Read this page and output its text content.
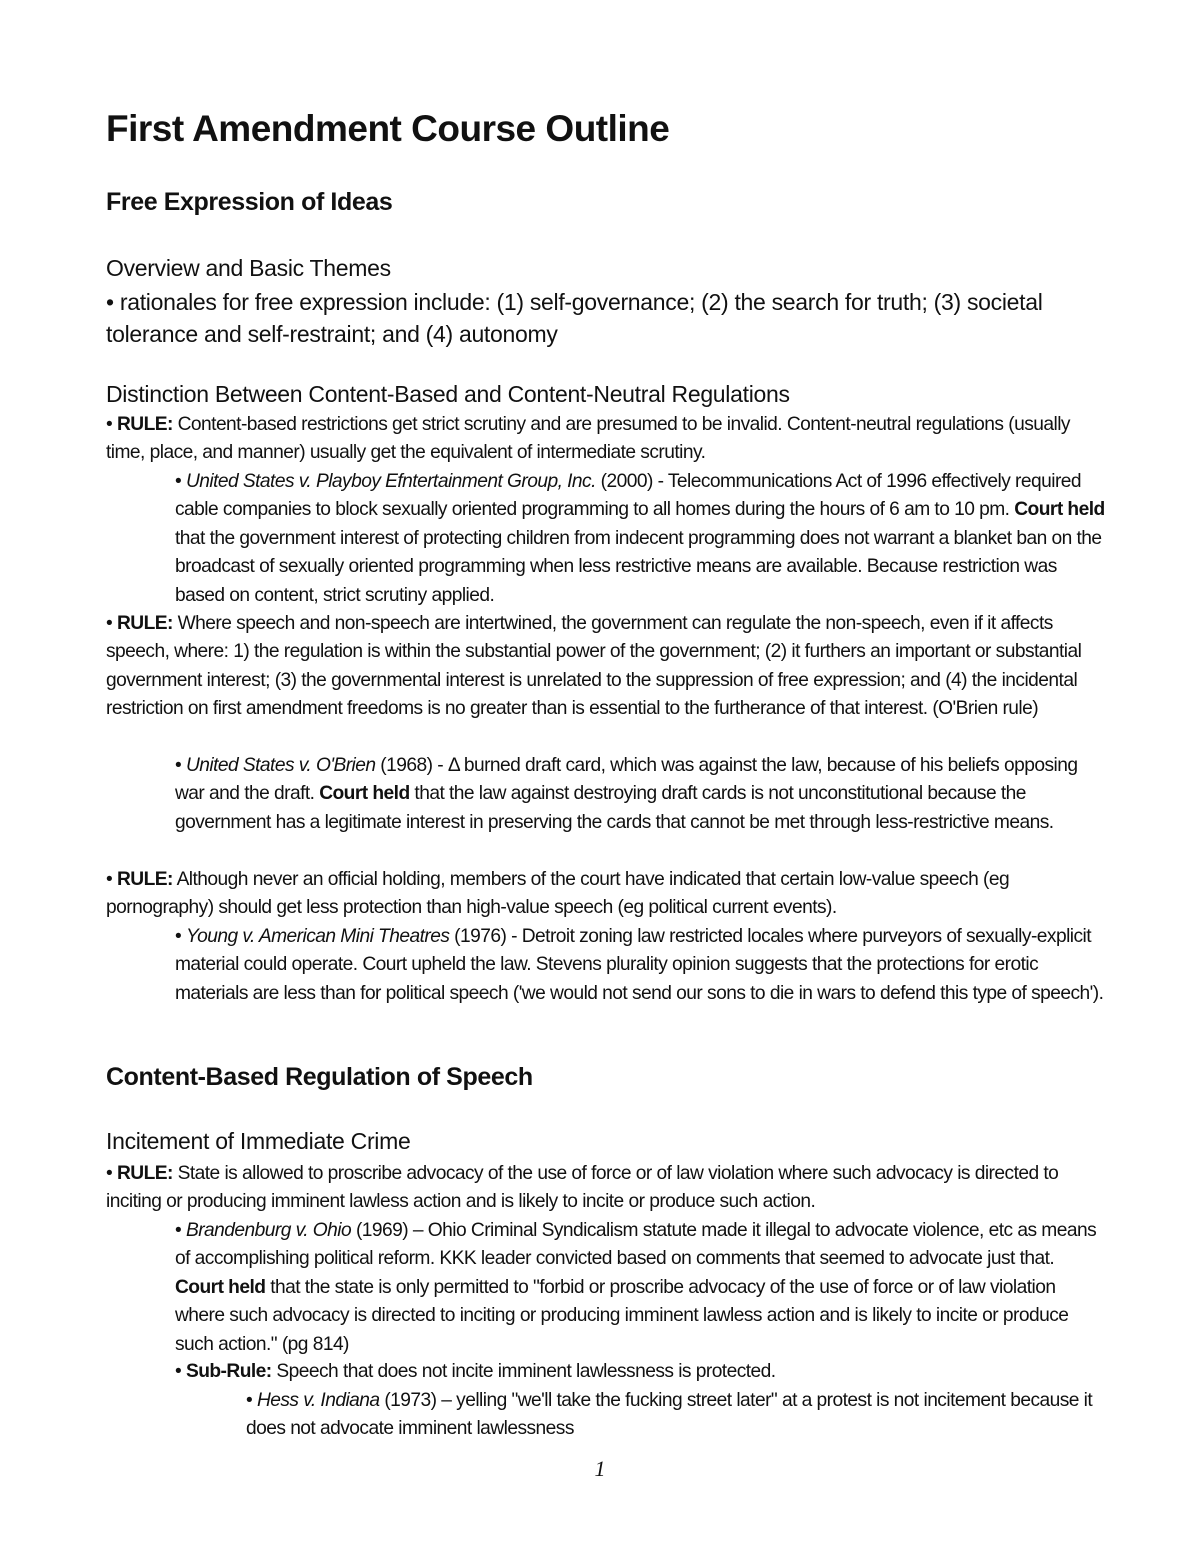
First Amendment Course Outline
Free Expression of Ideas
Overview and Basic Themes

• rationales for free expression include: (1) self-governance; (2) the search for truth; (3) societal tolerance and self-restraint; and (4) autonomy

Distinction Between Content-Based and Content-Neutral Regulations

• RULE: Content-based restrictions get strict scrutiny and are presumed to be invalid. Content-neutral regulations (usually time, place, and manner) usually get the equivalent of intermediate scrutiny.

• United States v. Playboy Efntertainment Group, Inc. (2000) - Telecommunications Act of 1996 effectively required cable companies to block sexually oriented programming to all homes during the hours of 6 am to 10 pm. Court held that the government interest of protecting children from indecent programming does not warrant a blanket ban on the broadcast of sexually oriented programming when less restrictive means are available. Because restriction was based on content, strict scrutiny applied.

• RULE: Where speech and non-speech are intertwined, the government can regulate the non-speech, even if it affects speech, where: 1) the regulation is within the substantial power of the government; (2) it furthers an important or substantial government interest; (3) the governmental interest is unrelated to the suppression of free expression; and (4) the incidental restriction on first amendment freedoms is no greater than is essential to the furtherance of that interest. (O'Brien rule)

• United States v. O'Brien (1968) - Δ burned draft card, which was against the law, because of his beliefs opposing war and the draft. Court held that the law against destroying draft cards is not unconstitutional because the government has a legitimate interest in preserving the cards that cannot be met through less-restrictive means.

• RULE: Although never an official holding, members of the court have indicated that certain low-value speech (eg pornography) should get less protection than high-value speech (eg political current events).

• Young v. American Mini Theatres (1976) - Detroit zoning law restricted locales where purveyors of sexually-explicit material could operate. Court upheld the law. Stevens plurality opinion suggests that the protections for erotic materials are less than for political speech ('we would not send our sons to die in wars to defend this type of speech').

Content-Based Regulation of Speech
Incitement of Immediate Crime

• RULE: State is allowed to proscribe advocacy of the use of force or of law violation where such advocacy is directed to inciting or producing imminent lawless action and is likely to incite or produce such action.

• Brandenburg v. Ohio (1969) – Ohio Criminal Syndicalism statute made it illegal to advocate violence, etc as means of accomplishing political reform. KKK leader convicted based on comments that seemed to advocate just that. Court held that the state is only permitted to "forbid or proscribe advocacy of the use of force or of law violation where such advocacy is directed to inciting or producing imminent lawless action and is likely to incite or produce such action." (pg 814)

• Sub-Rule: Speech that does not incite imminent lawlessness is protected.

• Hess v. Indiana (1973) – yelling "we'll take the fucking street later" at a protest is not incitement because it does not advocate imminent lawlessness

1
